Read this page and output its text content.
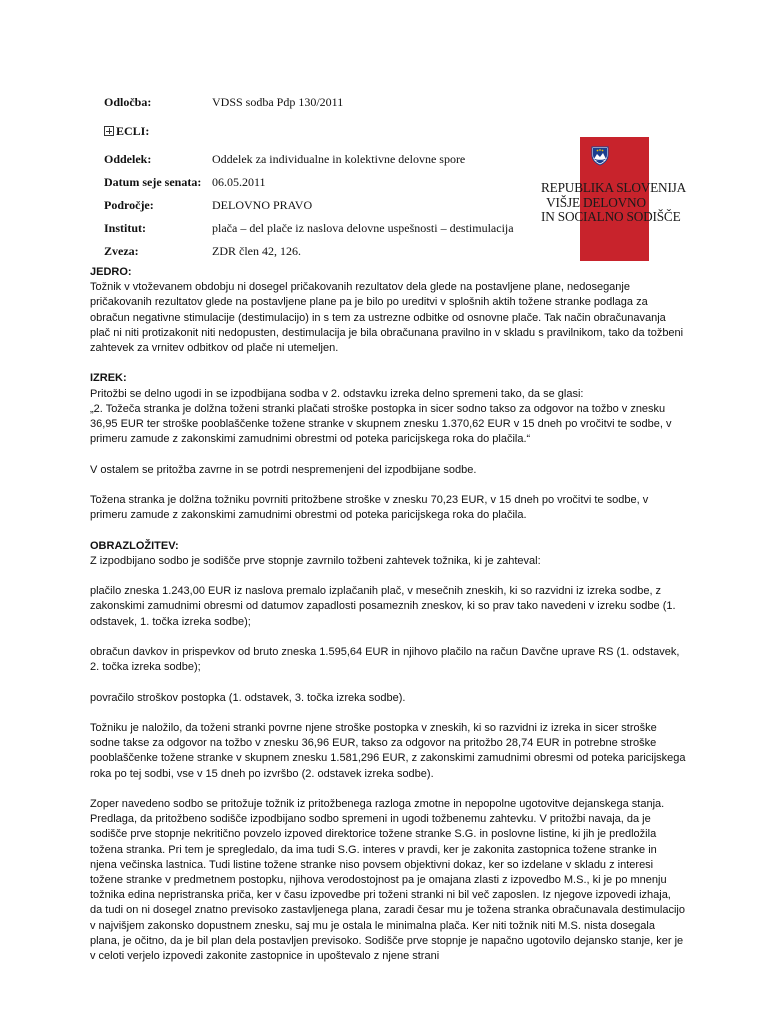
Odločba:	VDSS sodba Pdp 130/2011
ECLI:
Oddelek:	Oddelek za individualne in kolektivne delovne spore
Datum seje senata: 06.05.2011
Področje:	DELOVNO PRAVO
Institut:	plača – del plače iz naslova delovne uspešnosti – destimulacija
Zveza:	ZDR člen 42, 126.
REPUBLIKA SLOVENIJA
VIŠJE DELOVNO
IN SOCIALNO SODIŠČE

JEDRO:

Tožnik v vtoževanem obdobju ni dosegel pričakovanih rezultatov dela glede na postavljene plane, nedoseganje pričakovanih rezultatov glede na postavljene plane pa je bilo po ureditvi v splošnih aktih tožene stranke podlaga za obračun negativne stimulacije (destimulacijo) in s tem za ustrezne odbitke od osnovne plače. Tak način obračunavanja plač ni niti protizakonit niti nedopusten, destimulacija je bila obračunana pravilno in v skladu s pravilnikom, tako da tožbeni zahtevek za vrnitev odbitkov od plače ni utemeljen.

IZREK:

Pritožbi se delno ugodi in se izpodbijana sodba v 2. odstavku izreka delno spremeni tako, da se glasi:

„2. Tožeča stranka je dolžna toženi stranki plačati stroške postopka in sicer sodno takso za odgovor na tožbo v znesku 36,95 EUR ter stroške pooblaščenke tožene stranke v skupnem znesku 1.370,62 EUR v 15 dneh po vročitvi te sodbe, v primeru zamude z zakonskimi zamudnimi obrestmi od poteka paricijskega roka do plačila.“

V ostalem se pritožba zavrne in se potrdi nespremenjeni del izpodbijane sodbe.

Tožena stranka je dolžna tožniku povrniti pritožbene stroške v znesku 70,23 EUR, v 15 dneh po vročitvi te sodbe, v primeru zamude z zakonskimi zamudnimi obrestmi od poteka paricijskega roka do plačila.

OBRAZLOŽITEV:

Z izpodbijano sodbo je sodišče prve stopnje zavrnilo tožbeni zahtevek tožnika, ki je zahteval:

plačilo zneska 1.243,00 EUR iz naslova premalo izplačanih plač, v mesečnih zneskih, ki so razvidni iz izreka sodbe, z zakonskimi zamudnimi obresmi od datumov zapadlosti posameznih zneskov, ki so prav tako navedeni v izreku sodbe (1. odstavek, 1. točka izreka sodbe);

obračun davkov in prispevkov od bruto zneska 1.595,64 EUR in njihovo plačilo na račun Davčne uprave RS (1. odstavek, 2. točka izreka sodbe);

povračilo stroškov postopka (1. odstavek, 3. točka izreka sodbe).

Tožniku je naložilo, da toženi stranki povrne njene stroške postopka v zneskih, ki so razvidni iz izreka in sicer stroške sodne takse za odgovor na tožbo v znesku 36,96 EUR, takso za odgovor na pritožbo 28,74 EUR in potrebne stroške pooblaščenke tožene stranke v skupnem znesku 1.581,296 EUR, z zakonskimi zamudnimi obresmi od poteka paricijskega roka po tej sodbi, vse v 15 dneh po izvršbo (2. odstavek izreka sodbe).

Zoper navedeno sodbo se pritožuje tožnik iz pritožbenega razloga zmotne in nepopolne ugotovitve dejanskega stanja. Predlaga, da pritožbeno sodišče izpodbijano sodbo spremeni in ugodi tožbenemu zahtevku. V pritožbi navaja, da je sodišče prve stopnje nekritično povzelo izpoved direktorice tožene stranke S.G. in poslovne listine, ki jih je predložila tožena stranka. Pri tem je spregledalo, da ima tudi S.G. interes v pravdi, ker je zakonita zastopnica tožene stranke in njena večinska lastnica. Tudi listine tožene stranke niso povsem objektivni dokaz, ker so izdelane v skladu z interesi tožene stranke v predmetnem postopku, njihova verodostojnost pa je omajana zlasti z izpovedbo M.S., ki je po mnenju tožnika edina nepristranska priča, ker v času izpovedbe pri toženi stranki ni bil več zaposlen. Iz njegove izpovedi izhaja, da tudi on ni dosegel znatno previsoko zastavljenega plana, zaradi česar mu je tožena stranka obračunavala destimulacijo v najvišjem zakonsko dopustnem znesku, saj mu je ostala le minimalna plača. Ker niti tožnik niti M.S. nista dosegala plana, je očitno, da je bil plan dela postavljen previsoko. Sodišče prve stopnje je napačno ugotovilo dejansko stanje, ker je v celoti verjelo izpovedi zakonite zastopnice in upoštevalo z njene strani
